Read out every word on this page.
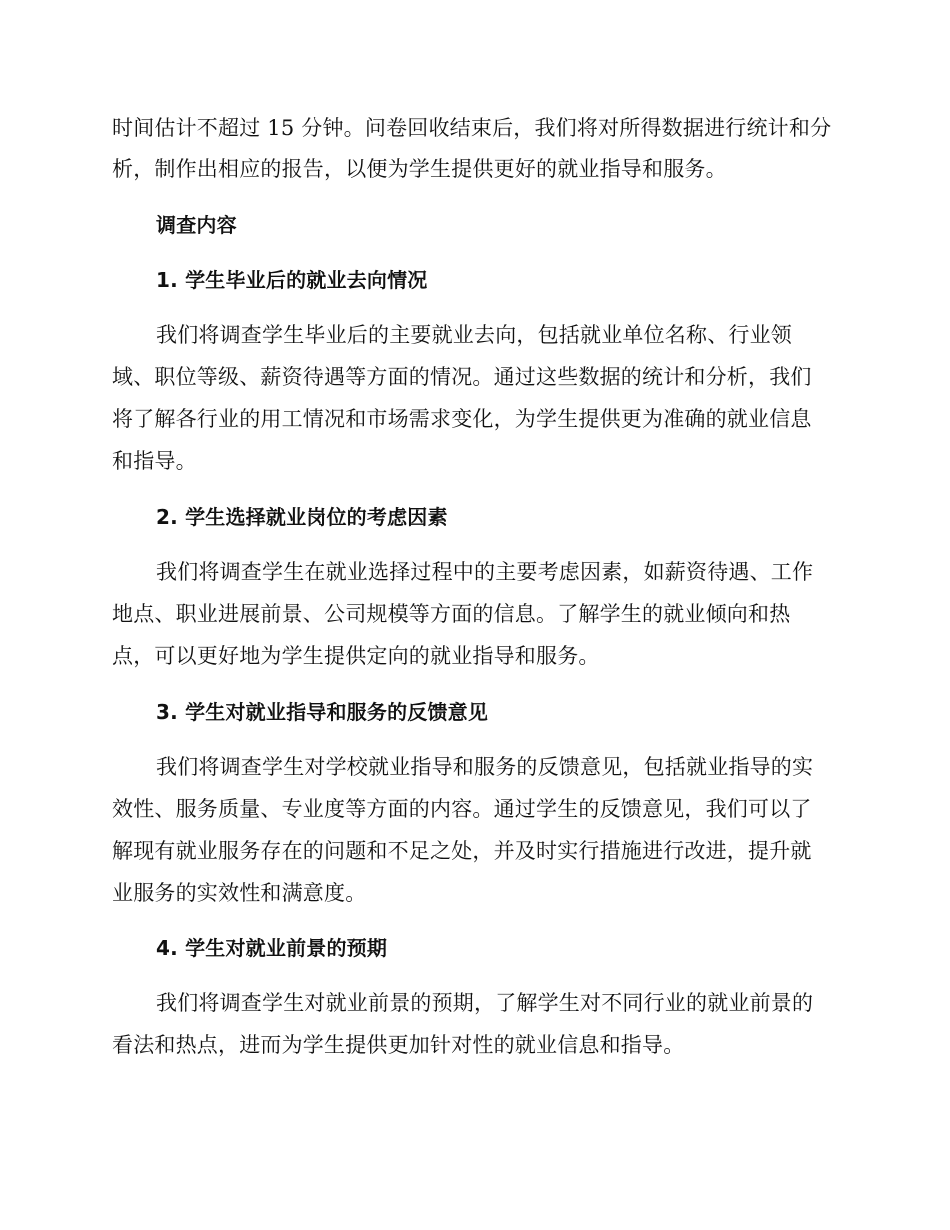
时间估计不超过 15 分钟。问卷回收结束后，我们将对所得数据进行统计和分
析，制作出相应的报告，以便为学生提供更好的就业指导和服务。
调查内容
1. 学生毕业后的就业去向情况
我们将调查学生毕业后的主要就业去向，包括就业单位名称、行业领
域、职位等级、薪资待遇等方面的情况。通过这些数据的统计和分析，我们
将了解各行业的用工情况和市场需求变化，为学生提供更为准确的就业信息
和指导。
2. 学生选择就业岗位的考虑因素
我们将调查学生在就业选择过程中的主要考虑因素，如薪资待遇、工作
地点、职业进展前景、公司规模等方面的信息。了解学生的就业倾向和热
点，可以更好地为学生提供定向的就业指导和服务。
3. 学生对就业指导和服务的反馈意见
我们将调查学生对学校就业指导和服务的反馈意见，包括就业指导的实
效性、服务质量、专业度等方面的内容。通过学生的反馈意见，我们可以了
解现有就业服务存在的问题和不足之处，并及时实行措施进行改进，提升就
业服务的实效性和满意度。
4. 学生对就业前景的预期
我们将调查学生对就业前景的预期，了解学生对不同行业的就业前景的
看法和热点，进而为学生提供更加针对性的就业信息和指导。
